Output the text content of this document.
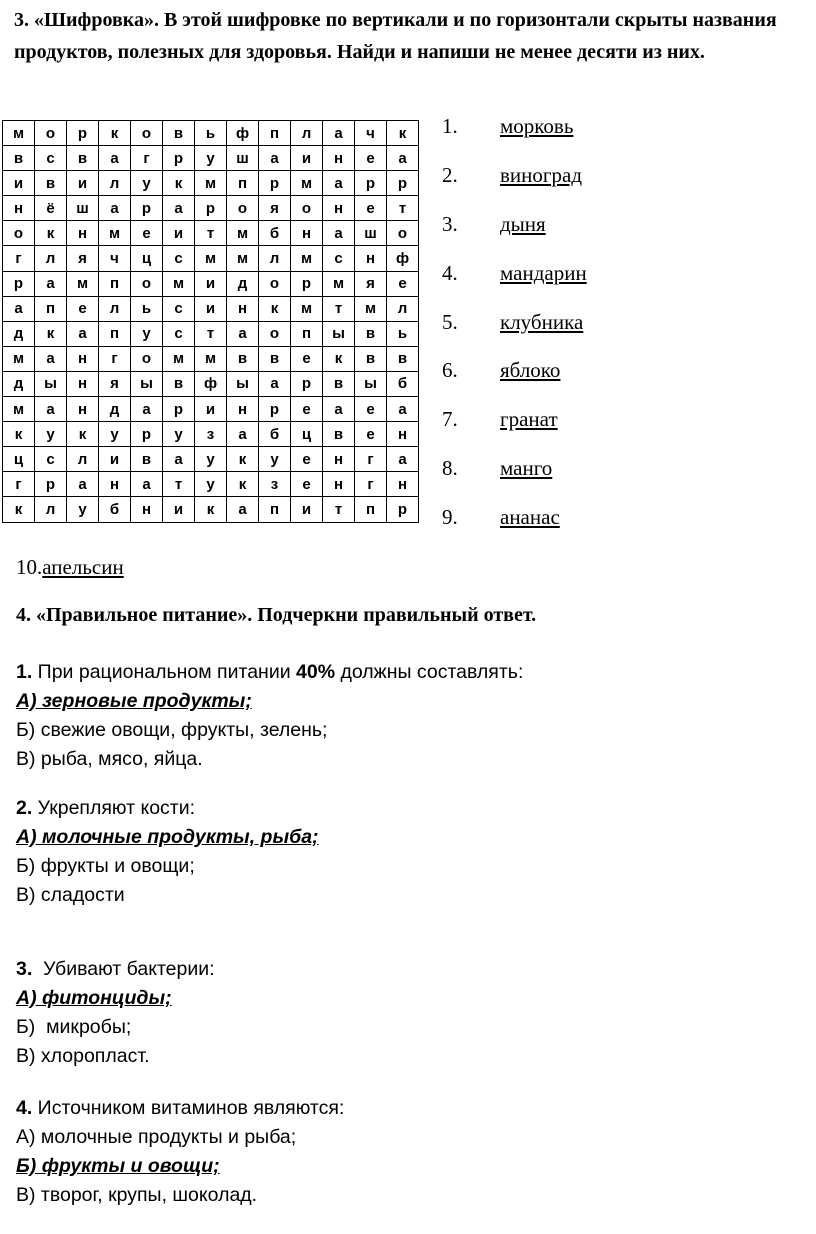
3. «Шифровка». В этой шифровке по вертикали и по горизонтали скрыты названия продуктов, полезных для здоровья. Найди и напиши не менее десяти из них.
м	о	р	к	о	в	ь	ф	п	л	а	ч	к
в	с	в	а	г	р	у	ш	а	и	н	е	а
и	в	и	л	у	к	м	п	р	м	а	р	р
н	ё	ш	а	р	а	р	о	я	о	н	е	т
о	к	н	м	е	и	т	м	б	н	а	ш	о
г	л	я	ч	ц	с	м	м	л	м	с	н	ф
р	а	м	п	о	м	и	д	о	р	м	я	е
а	п	е	л	ь	с	и	н	к	м	т	м	л
д	к	а	п	у	с	т	а	о	п	ы	в	ь
м	а	н	г	о	м	м	в	в	е	к	в	в
д	ы	н	я	ы	в	ф	ы	а	р	в	ы	б
м	а	н	д	а	р	и	н	р	е	а	е	а
к	у	к	у	р	у	з	а	б	ц	в	е	н
ц	с	л	и	в	а	у	к	у	е	н	г	а
г	р	а	н	а	т	у	к	з	е	н	г	н
к	л	у	б	н	и	к	а	п	и	т	п	р
1.	морковь
2.	виноград
3.	дыня
4.	мандарин
5.	клубника
6.	яблоко
7.	гранат
8.	манго
9.	ананас
10.апельсин
4. «Правильное питание». Подчеркни правильный ответ.
1. При рациональном питании 40% должны составлять:
А) зерновые продукты;
Б) свежие овощи, фрукты, зелень;
В) рыба, мясо, яйца.
2. Укрепляют кости:
А) молочные продукты, рыба;
Б) фрукты и овощи;
В) сладости
3.  Убивают бактерии:
А) фитонциды;
Б)  микробы;
В) хлоропласт.
4. Источником витаминов являются:
А) молочные продукты и рыба;
Б) фрукты и овощи;
В) творог, крупы, шоколад.
